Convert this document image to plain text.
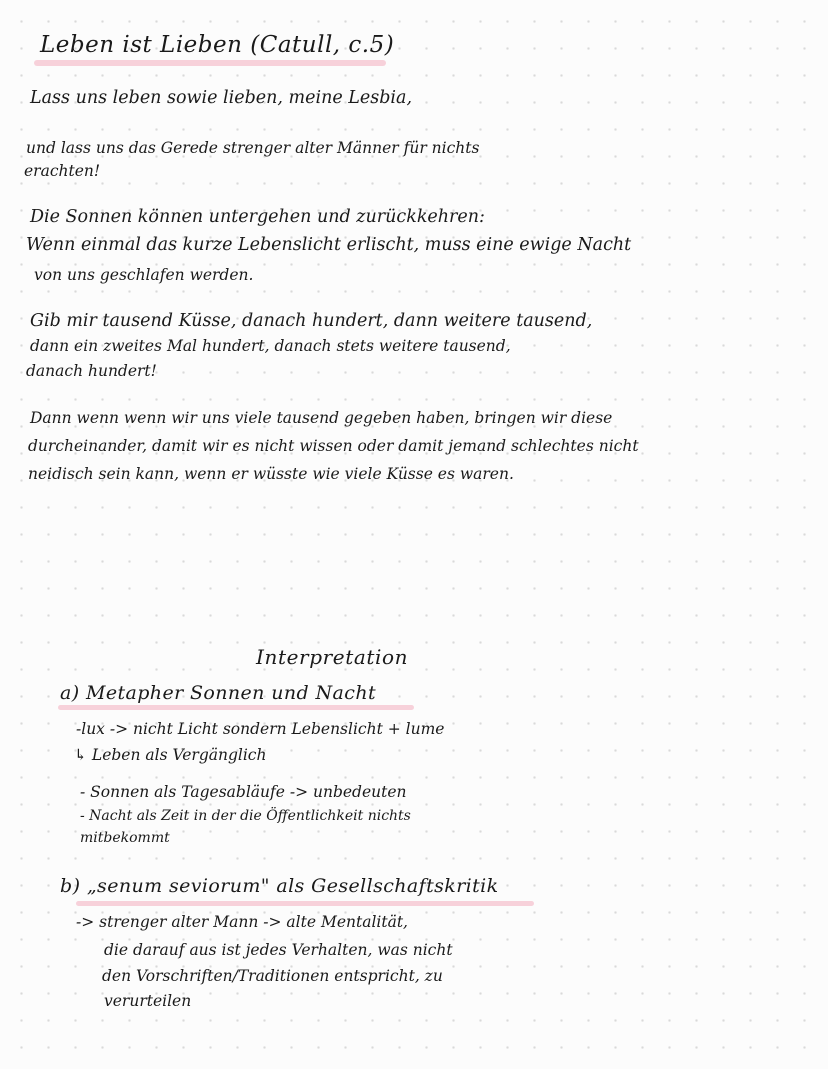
Leben ist Lieben (Catull, c.5)
Lass uns leben sowie lieben, meine Lesbia,
und lass uns das Gerede strenger alter Männer für nichts
erachten!
Die Sonnen können untergehen und zurückkehren:
Wenn einmal das kurze Lebenslicht erlischt, muss eine ewige Nacht
von uns geschlafen werden.
Gib mir tausend Küsse, danach hundert, dann weitere tausend,
dann ein zweites Mal hundert, danach stets weitere tausend,
danach hundert!
Dann wenn wenn wir uns viele tausend gegeben haben, bringen wir diese
durcheinander, damit wir es nicht wissen oder damit jemand schlechtes nicht
neidisch sein kann, wenn er wüsste wie viele Küsse es waren.
Interpretation
a) Metapher Sonnen und Nacht
-lux -> nicht Licht sondern Lebenslicht + lume
↳ Leben als Vergänglich
- Sonnen als Tagesabläufe -> unbedeuten
- Nacht als Zeit in der die Öffentlichkeit nichts
mitbekommt
b) „senum seviorum" als Gesellschaftskritik
-> strenger alter Mann -> alte Mentalität,
die darauf aus ist jedes Verhalten, was nicht
den Vorschriften/Traditionen entspricht, zu
verurteilen
